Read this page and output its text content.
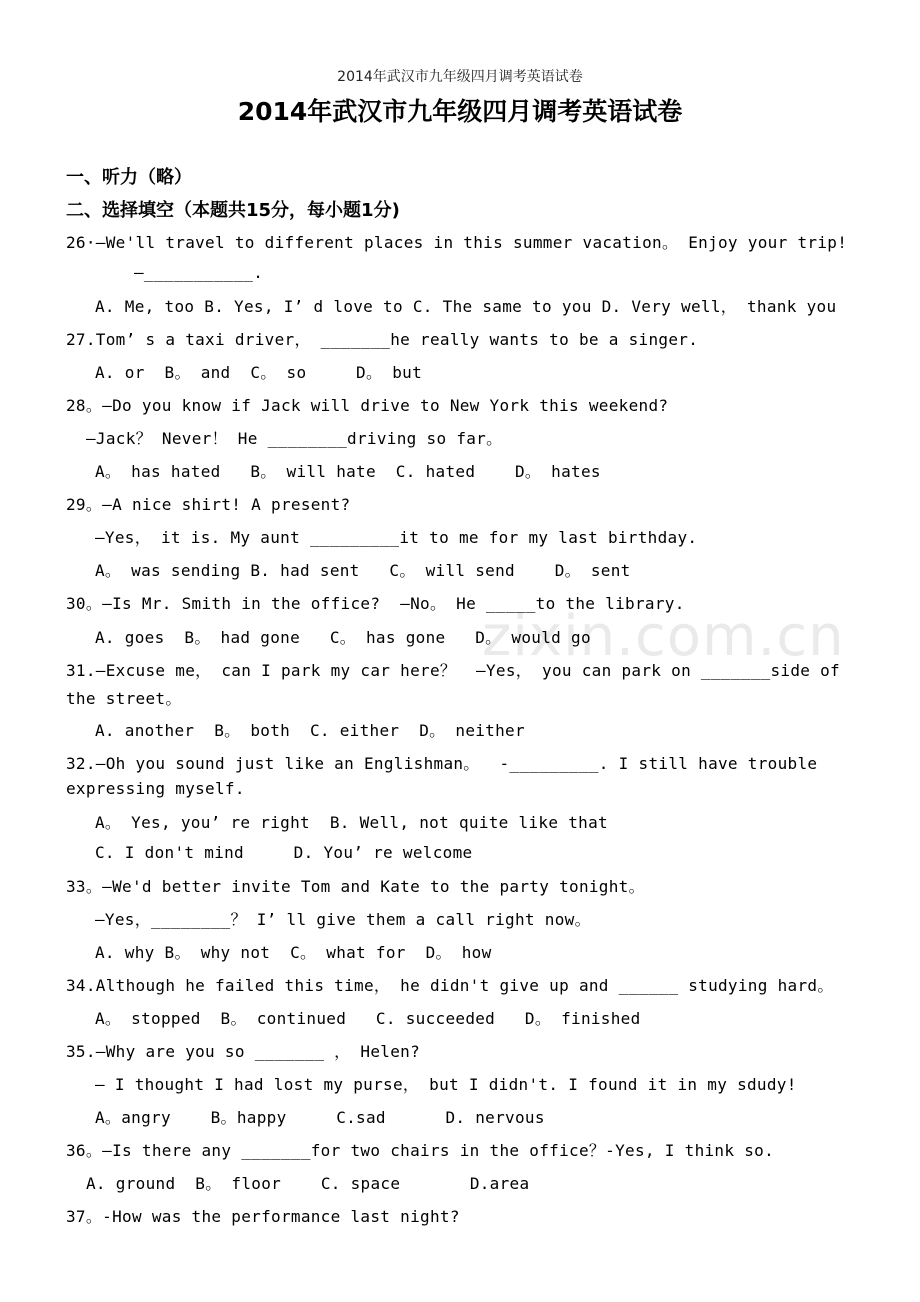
2014年武汉市九年级四月调考英语试卷
2014年武汉市九年级四月调考英语试卷
一、听力（略）
二、选择填空（本题共15分，每小题1分)
zixin.com.cn
26·—We'll travel to different places in this summer vacation。 Enjoy your trip!
—___________.
A. Me, too B. Yes, I’ d love to C. The same to you D. Very well， thank you
27.Tom’ s a taxi driver， _______he really wants to be a singer.
A. or  B。 and  C。 so     D。 but
28。—Do you know if Jack will drive to New York this weekend?
—Jack？ Never！ He ________driving so far。
A。 has hated   B。 will hate  C. hated    D。 hates
29。—A nice shirt! A present?
—Yes， it is. My aunt _________it to me for my last birthday.
A。 was sending B. had sent   C。 will send    D。 sent
30。—Is Mr. Smith in the office?  —No。 He _____to the library.
A. goes  B。 had gone   C。 has gone   D。 would go
31.—Excuse me， can I park my car here？  —Yes， you can park on _______side of
the street。
A. another  B。 both  C. either  D。 neither
32.—Oh you sound just like an Englishman。  -_________. I still have trouble
expressing myself.
A。 Yes, you’ re right  B. Well, not quite like that
C. I don't mind     D. You’ re welcome
33。—We'd better invite Tom and Kate to the party tonight。
—Yes，________？ I’ ll give them a call right now。
A. why B。 why not  C。 what for  D。 how
34.Although he failed this time， he didn't give up and ______ studying hard。
A。 stopped  B。 continued   C. succeeded   D。 finished
35.—Why are you so _______ ， Helen?
— I thought I had lost my purse， but I didn't. I found it in my sdudy!
A。angry    B。happy     C.sad      D. nervous
36。—Is there any _______for two chairs in the office？-Yes, I think so.
A. ground  B。 floor    C. space       D.area
37。-How was the performance last night?
